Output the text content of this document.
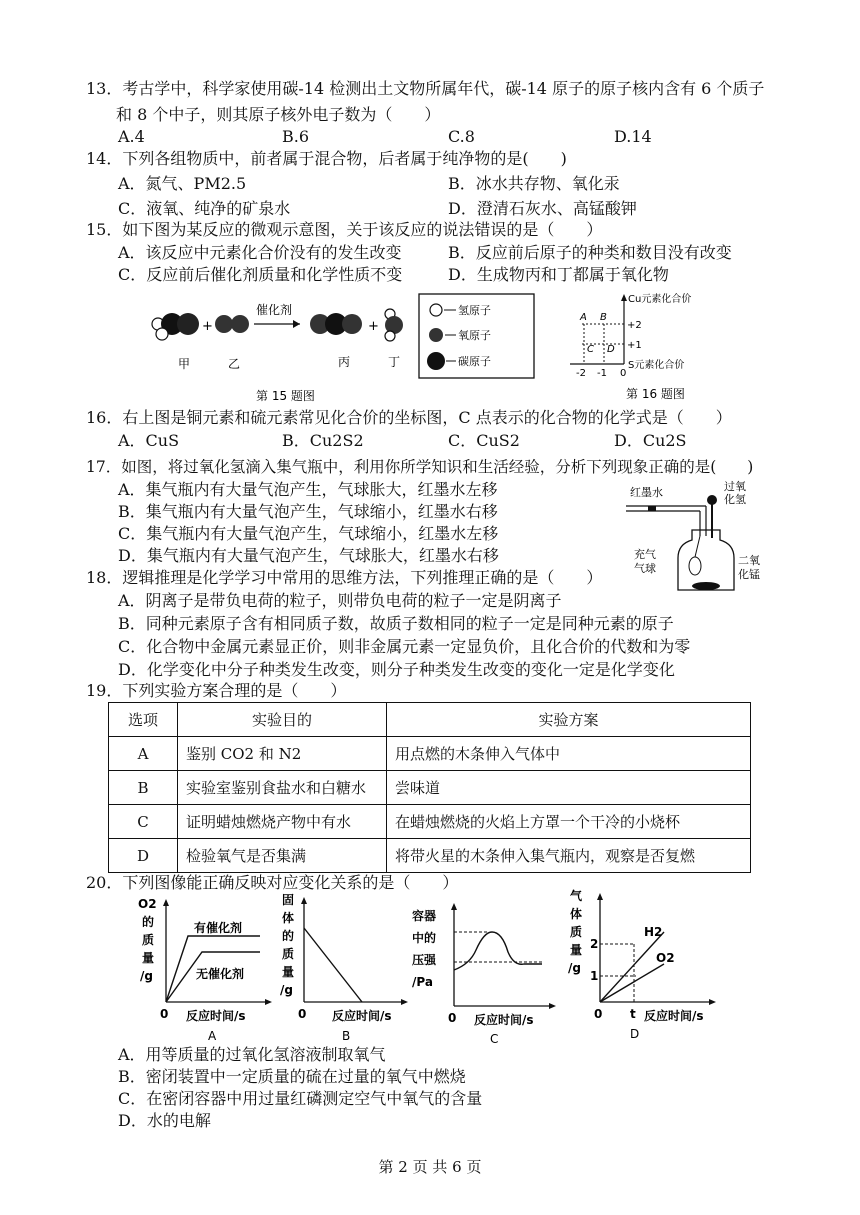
13．考古学中，科学家使用碳-14 检测出土文物所属年代，碳-14 原子的原子核内含有 6 个质子
和 8 个中子，则其原子核外电子数为（　　）
A.4	B.6	C.8	D.14
14．下列各组物质中，前者属于混合物，后者属于纯净物的是(　　)
A．氮气、PM2.5	B．冰水共存物、氧化汞
C．液氧、纯净的矿泉水	D．澄清石灰水、高锰酸钾
15．如下图为某反应的微观示意图，关于该反应的说法错误的是（　　）
A．该反应中元素化合价没有的发生改变	B．反应前后原子的种类和数目没有改变
C．反应前后催化剂质量和化学性质不变	D．生成物丙和丁都属于氧化物
+
催化剂
+
甲	乙	丙	丁
氢原子
氧原子
碳原子
第 15 题图
Cu元素化合价
S元素化合价
A B
C D
+2
+1
-2 -1 0
第 16 题图
16．右上图是铜元素和硫元素常见化合价的坐标图，C 点表示的化合物的化学式是（　　）
A．CuS	B．Cu2S2	C．CuS2	D．Cu2S
17．如图，将过氧化氢滴入集气瓶中，利用你所学知识和生活经验，分析下列现象正确的是(　　)
A．集气瓶内有大量气泡产生，气球胀大，红墨水左移
B．集气瓶内有大量气泡产生，气球缩小，红墨水右移
C．集气瓶内有大量气泡产生，气球缩小，红墨水左移
D．集气瓶内有大量气泡产生，气球胀大，红墨水右移
红墨水	过氧
化氢
充气
气球
二氧
化锰
18．逻辑推理是化学学习中常用的思维方法，下列推理正确的是（　　）
A．阴离子是带负电荷的粒子，则带负电荷的粒子一定是阴离子
B．同种元素原子含有相同质子数，故质子数相同的粒子一定是同种元素的原子
C．化合物中金属元素显正价，则非金属元素一定显负价，且化合价的代数和为零
D．化学变化中分子种类发生改变，则分子种类发生改变的变化一定是化学变化
19．下列实验方案合理的是（　　）
选项	实验目的	实验方案
A	鉴别 CO2 和 N2	用点燃的木条伸入气体中
B	实验室鉴别食盐水和白糖水	尝味道
C	证明蜡烛燃烧产物中有水	在蜡烛燃烧的火焰上方罩一个干冷的小烧杯
D	检验氧气是否集满	将带火星的木条伸入集气瓶内，观察是否复燃
20．下列图像能正确反映对应变化关系的是（　　）
O2
的
质
量
/g
有催化剂
无催化剂
0 反应时间/s
A
固
体
的
质
量
/g
0 反应时间/s
B
容器
中的
压强
/Pa
0 反应时间/s
C
气
体
质
量
/g
2
1
H2
O2
0 t 反应时间/s
D
A．用等质量的过氧化氢溶液制取氧气
B．密闭装置中一定质量的硫在过量的氧气中燃烧
C．在密闭容器中用过量红磷测定空气中氧气的含量
D．水的电解
第 2 页 共 6 页
